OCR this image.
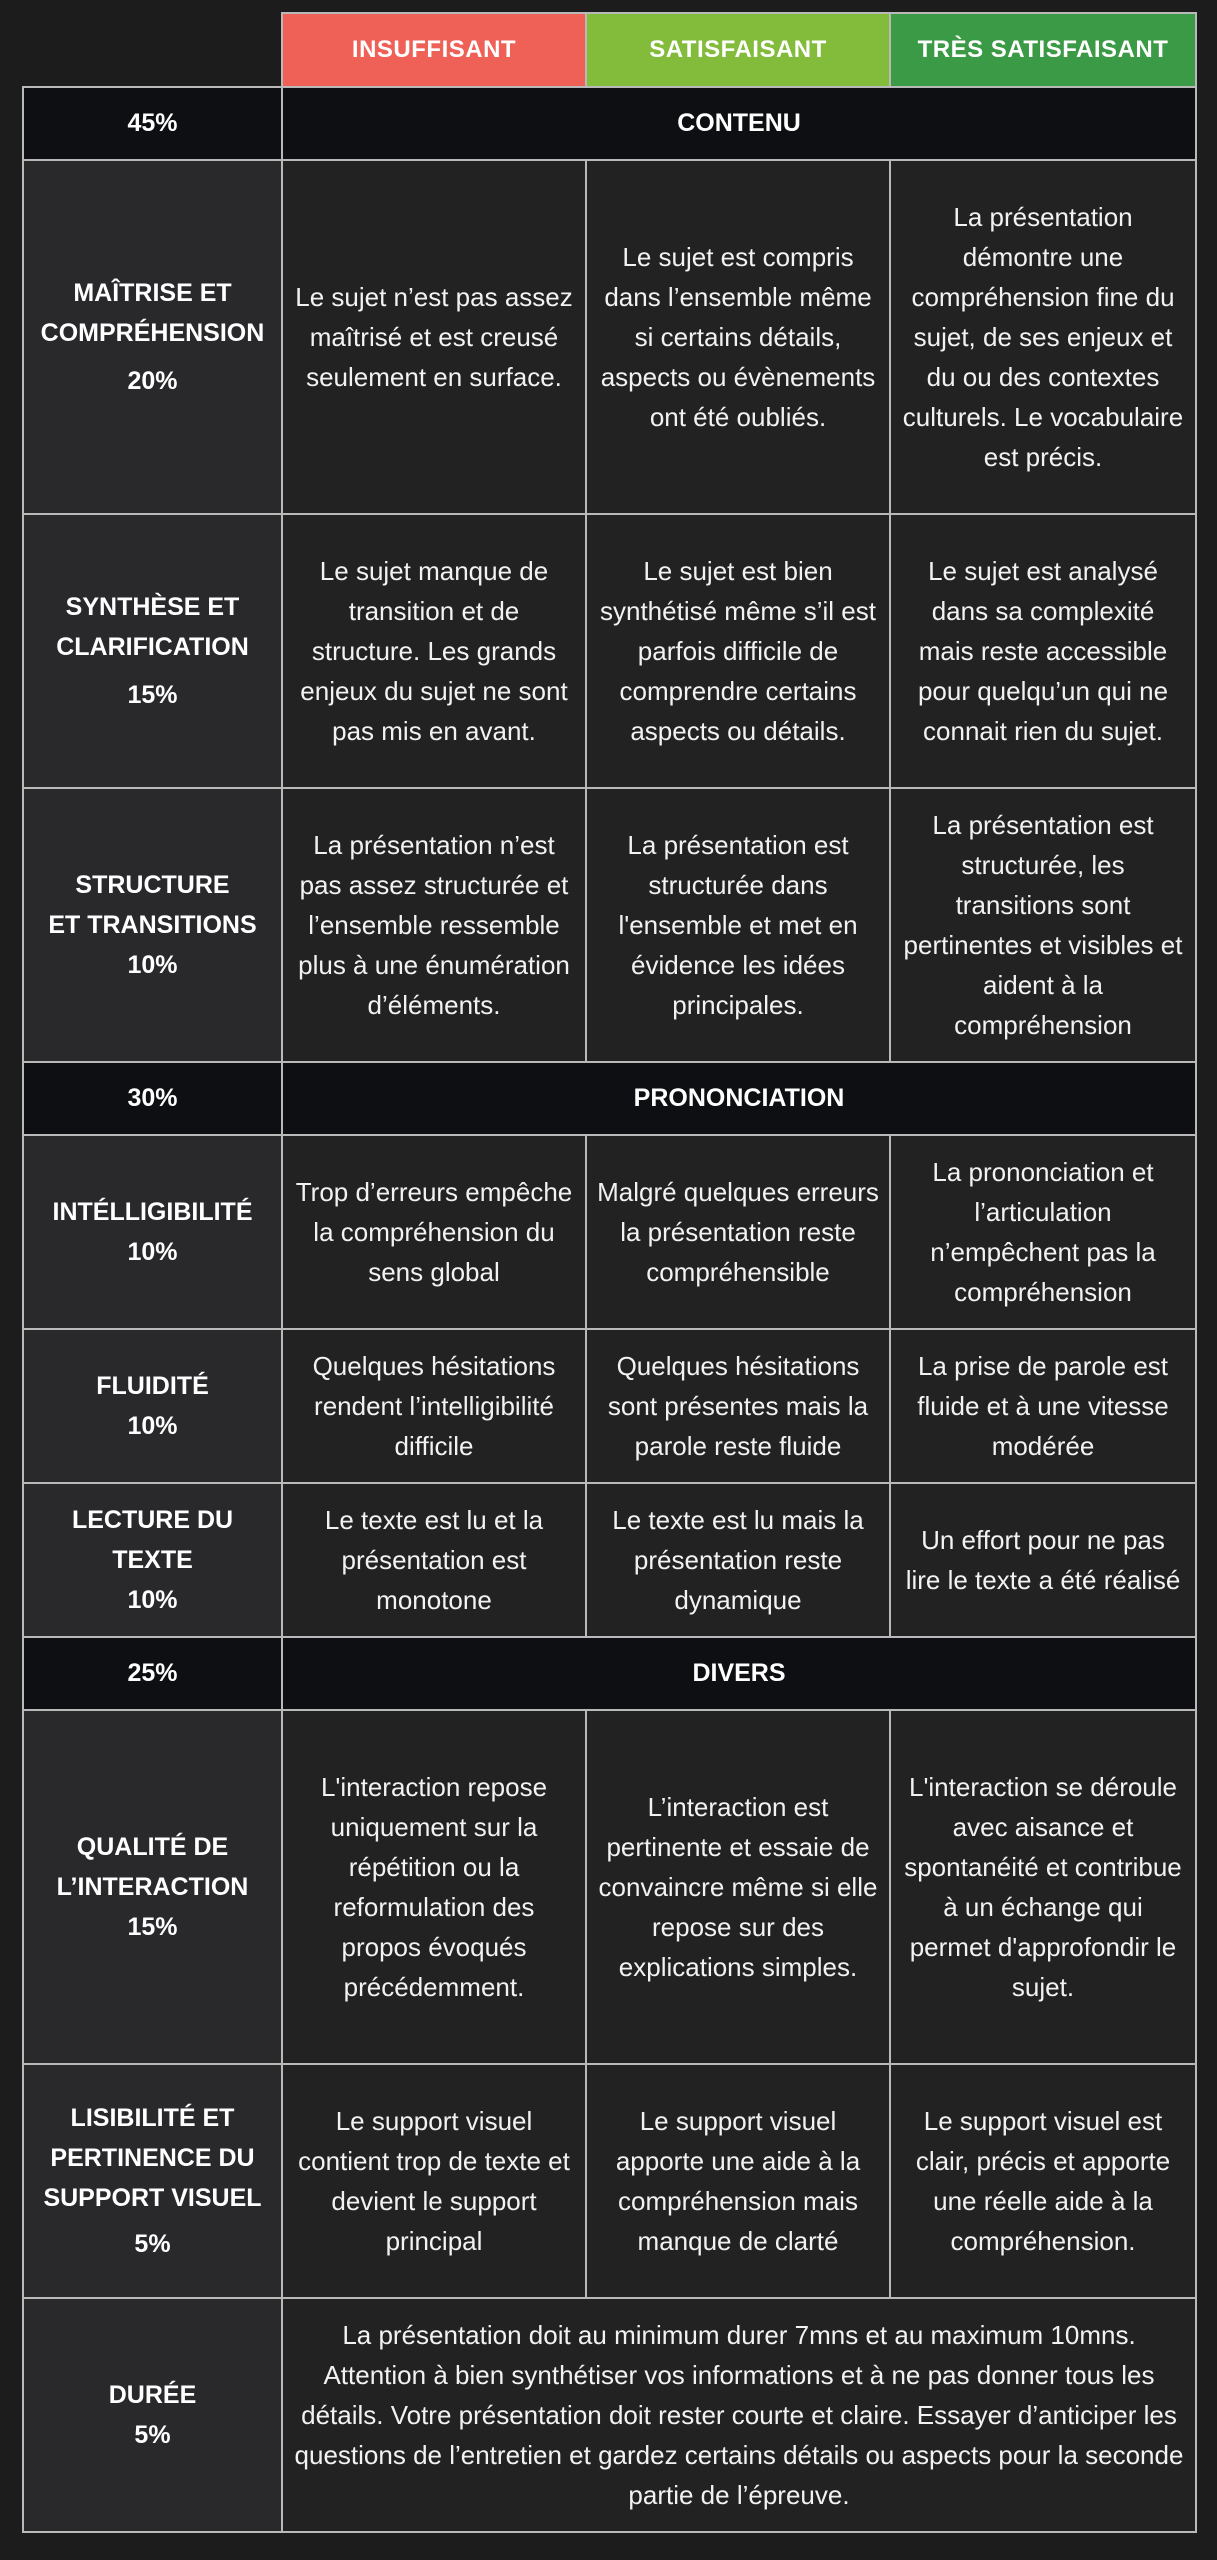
	INSUFFISANT	SATISFAISANT	TRÈS SATISFAISANT
45%	CONTENU		

MAÎTRISE ET
COMPRÉHENSION
20%	Le sujet n’est pas assez maîtrisé et est creusé seulement en surface.	Le sujet est compris dans l’ensemble même si certains détails, aspects ou évènements ont été oubliés.	La présentation démontre une compréhension fine du sujet, de ses enjeux et du ou des contextes culturels. Le vocabulaire est précis.

SYNTHÈSE ET
CLARIFICATION
15%	Le sujet manque de transition et de structure. Les grands enjeux du sujet ne sont pas mis en avant.	Le sujet est bien synthétisé même s’il est parfois difficile de comprendre certains aspects ou détails.	Le sujet est analysé dans sa complexité mais reste accessible pour quelqu’un qui ne connait rien du sujet.

STRUCTURE
ET TRANSITIONS
10%	La présentation n’est pas assez structurée et l’ensemble ressemble plus à une énumération d’éléments.	La présentation est structurée dans l'ensemble et met en évidence les idées principales.	La présentation est structurée, les transitions sont pertinentes et visibles et aident à la compréhension
30%	PRONONCIATION		

INTÉLLIGIBILITÉ
10%	Trop d’erreurs empêche la compréhension du sens global	Malgré quelques erreurs la présentation reste compréhensible	La prononciation et l’articulation n’empêchent pas la compréhension

FLUIDITÉ
10%	Quelques hésitations rendent l’intelligibilité difficile	Quelques hésitations sont présentes mais la parole reste fluide	La prise de parole est fluide et à une vitesse modérée

LECTURE DU
TEXTE
10%	Le texte est lu et la présentation est monotone	Le texte est lu mais la présentation reste dynamique	Un effort pour ne pas lire le texte a été réalisé
25%	DIVERS		

QUALITÉ DE
L’INTERACTION
15%	L'interaction repose uniquement sur la répétition ou la reformulation des propos évoqués précédemment.	L’interaction est pertinente et essaie de convaincre même si elle repose sur des explications simples.	L'interaction se déroule avec aisance et spontanéité et contribue à un échange qui permet d'approfondir le sujet.

LISIBILITÉ ET
PERTINENCE DU
SUPPORT VISUEL
5%	Le support visuel contient trop de texte et devient le support principal	Le support visuel apporte une aide à la compréhension mais manque de clarté	Le support visuel est clair, précis et apporte une réelle aide à la compréhension.

DURÉE
5%	La présentation doit au minimum durer 7mns et au maximum 10mns. Attention à bien synthétiser vos informations et à ne pas donner tous les détails. Votre présentation doit rester courte et claire. Essayer d’anticiper les questions de l’entretien et gardez certains détails ou aspects pour la seconde partie de l’épreuve.		
